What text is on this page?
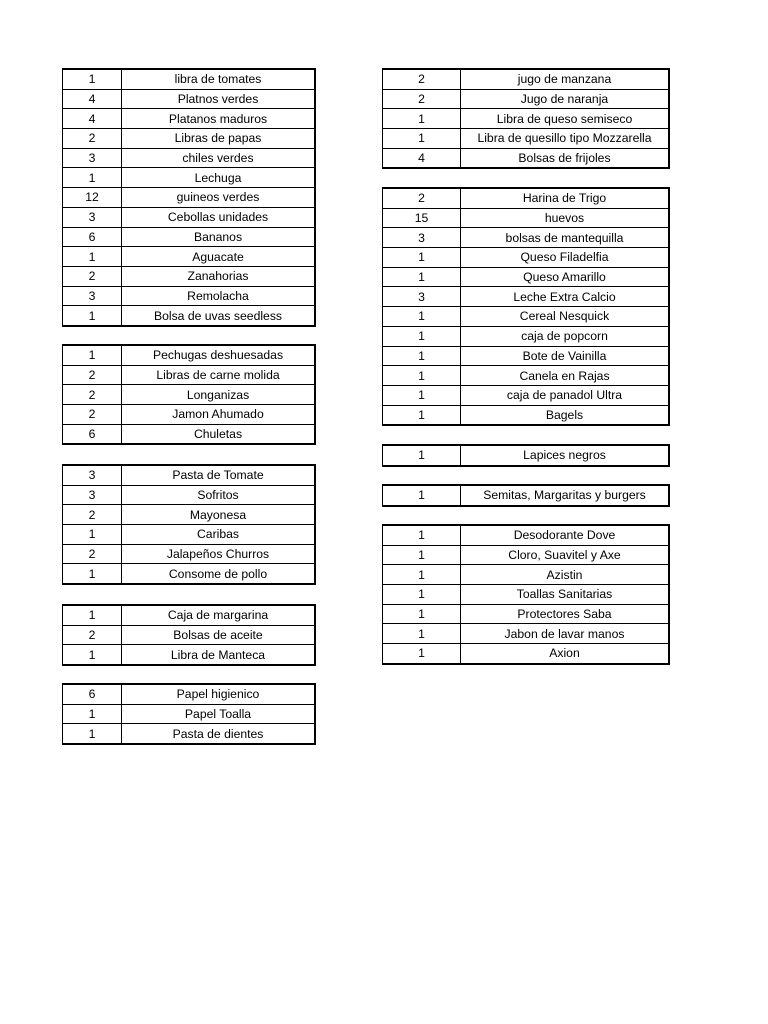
1	libra de tomates
4	Platnos verdes
4	Platanos maduros
2	Libras de papas
3	chiles verdes
1	Lechuga
12	guineos verdes
3	Cebollas unidades
6	Bananos
1	Aguacate
2	Zanahorias
3	Remolacha
1	Bolsa de uvas seedless
1	Pechugas deshuesadas
2	Libras de carne molida
2	Longanizas
2	Jamon Ahumado
6	Chuletas
3	Pasta de Tomate
3	Sofritos
2	Mayonesa
1	Caribas
2	Jalapeños Churros
1	Consome de pollo
1	Caja de margarina
2	Bolsas de aceite
1	Libra de Manteca
6	Papel higienico
1	Papel Toalla
1	Pasta de dientes
2	jugo de manzana
2	Jugo de naranja
1	Libra de queso semiseco
1	Libra de quesillo tipo Mozzarella
4	Bolsas de frijoles
2	Harina de Trigo
15	huevos
3	bolsas de mantequilla
1	Queso Filadelfia
1	Queso Amarillo
3	Leche Extra Calcio
1	Cereal Nesquick
1	caja de popcorn
1	Bote de Vainilla
1	Canela en Rajas
1	caja de panadol Ultra
1	Bagels
1	Lapices negros
1	Semitas, Margaritas y burgers
1	Desodorante Dove
1	Cloro, Suavitel y Axe
1	Azistin
1	Toallas Sanitarias
1	Protectores Saba
1	Jabon de lavar manos
1	Axion
